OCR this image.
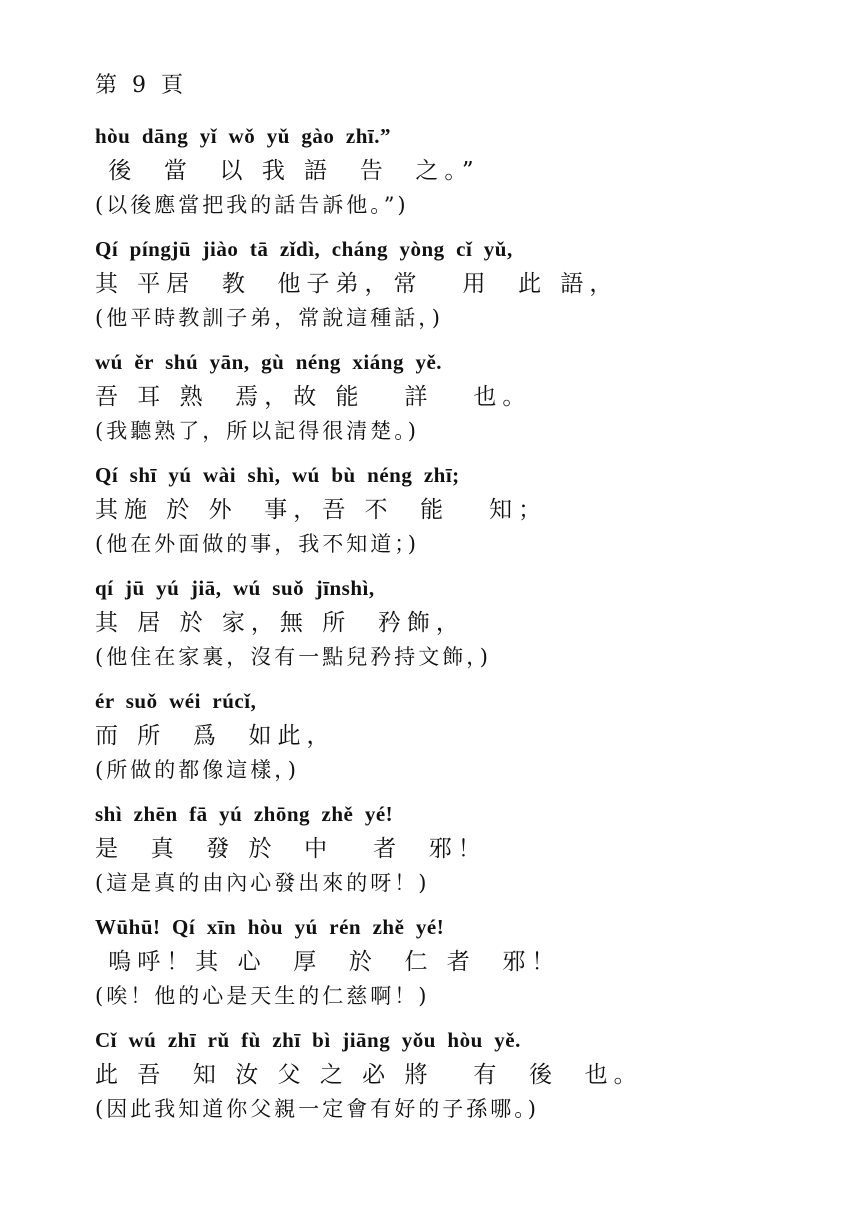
第 9 頁
hòu  dāng  yǐ  wǒ  yǔ  gào  zhī.”
後  當  以 我 語  告  之。”
(以後應當把我的話告訴他。”)
Qí  píngjū  jiào  tā  zǐdì,  cháng  yòng  cǐ  yǔ,
其 平居  教  他子弟，常   用  此 語，
(他平時教訓子弟，常說這種話，)
wú  ěr  shú  yān,  gù  néng  xiáng  yě.
吾 耳 熟  焉，故 能   詳   也。
(我聽熟了，所以記得很清楚。)
Qí  shī  yú  wài  shì,  wú  bù  néng  zhī;
其施 於 外  事，吾 不  能   知；
(他在外面做的事，我不知道；)
qí  jū  yú  jiā,  wú  suǒ  jīnshì,
其 居 於 家，無 所  矜飾，
(他住在家裏，沒有一點兒矜持文飾，)
ér  suǒ  wéi  rúcǐ,
而 所  爲  如此，
(所做的都像這樣，)
shì  zhēn  fā  yú  zhōng  zhě  yé!
是  真  發 於  中   者  邪！
(這是真的由內心發出來的呀！)
Wūhū!  Qí  xīn  hòu  yú  rén  zhě  yé!
嗚呼！其 心  厚  於  仁 者  邪！
(唉！他的心是天生的仁慈啊！)
Cǐ  wú  zhī  rǔ  fù  zhī  bì  jiāng  yǒu  hòu  yě.
此 吾  知 汝 父 之 必 將   有  後  也。
(因此我知道你父親一定會有好的子孫哪。)
